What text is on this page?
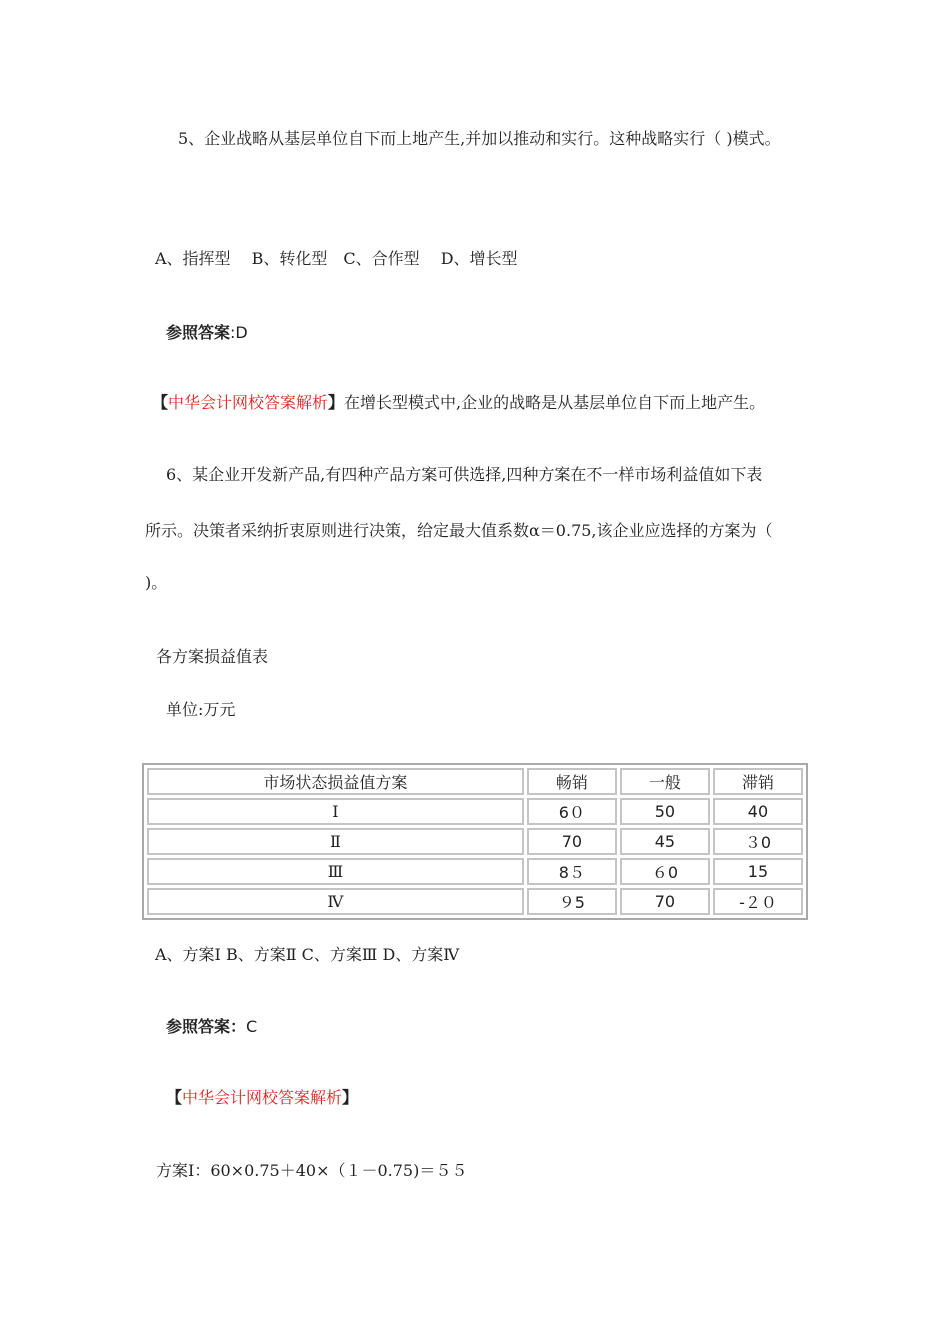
5、企业战略从基层单位自下而上地产生,并加以推动和实行。这种战略实行（ )模式。
A、指挥型　 B、转化型　C、合作型　 D、增长型
参照答案:D
【中华会计网校答案解析】在增长型模式中,企业的战略是从基层单位自下而上地产生。
6、某企业开发新产品,有四种产品方案可供选择,四种方案在不一样市场利益值如下表
所示。决策者采纳折衷原则进行决策，给定最大值系数α＝0.75,该企业应选择的方案为（
)。
各方案损益值表
单位:万元
市场状态损益值方案	畅销	一般	滞销
Ⅰ	6０	50	40
Ⅱ	70	45	３0
Ⅲ	8５	６0	15
Ⅳ	９5	70	-２０
A、方案Ⅰ B、方案Ⅱ C、方案Ⅲ D、方案Ⅳ
参照答案：C
【中华会计网校答案解析】
方案Ⅰ：60×0.75＋40×（１－0.75)＝５５
